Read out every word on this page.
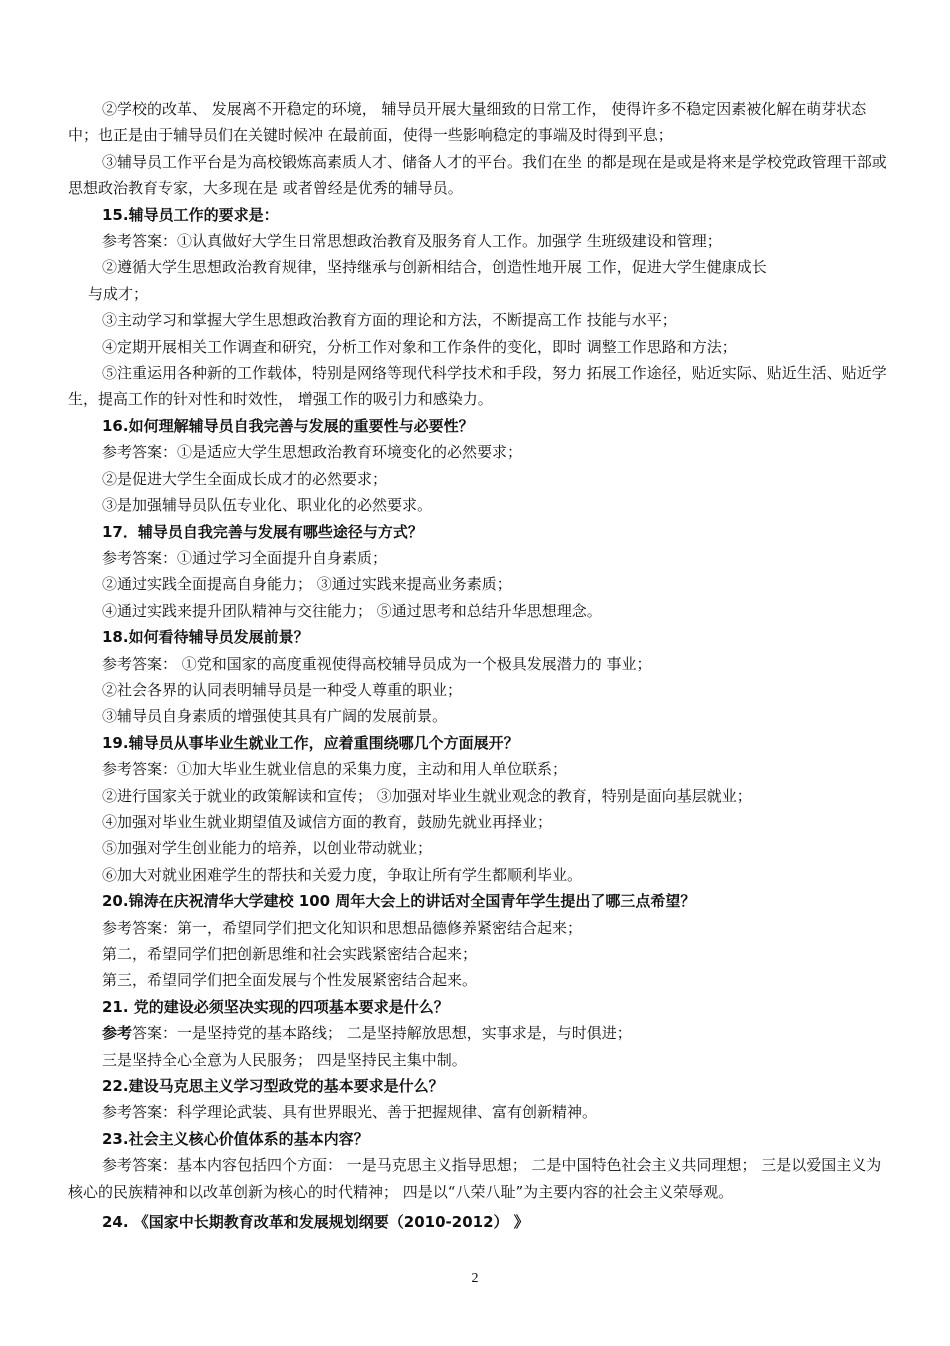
②学校的改革、 发展离不开稳定的环境， 辅导员开展大量细致的日常工作， 使得许多不稳定因素被化解在萌芽状态中；也正是由于辅导员们在关键时候冲 在最前面，使得一些影响稳定的事端及时得到平息；

③辅导员工作平台是为高校锻炼高素质人才、储备人才的平台。我们在坐 的都是现在是或是将来是学校党政管理干部或思想政治教育专家，大多现在是 或者曾经是优秀的辅导员。

15.辅导员工作的要求是：

参考答案：①认真做好大学生日常思想政治教育及服务育人工作。加强学 生班级建设和管理；

②遵循大学生思想政治教育规律，坚持继承与创新相结合，创造性地开展 工作，促进大学生健康成长

与成才；

③主动学习和掌握大学生思想政治教育方面的理论和方法，不断提高工作 技能与水平；

④定期开展相关工作调查和研究，分析工作对象和工作条件的变化，即时 调整工作思路和方法；

⑤注重运用各种新的工作载体，特别是网络等现代科学技术和手段，努力 拓展工作途径，贴近实际、贴近生活、贴近学生，提高工作的针对性和时效性， 增强工作的吸引力和感染力。

16.如何理解辅导员自我完善与发展的重要性与必要性？

参考答案：①是适应大学生思想政治教育环境变化的必然要求；

②是促进大学生全面成长成才的必然要求；

③是加强辅导员队伍专业化、职业化的必然要求。

17．辅导员自我完善与发展有哪些途径与方式？

参考答案：①通过学习全面提升自身素质；

②通过实践全面提高自身能力； ③通过实践来提高业务素质；

④通过实践来提升团队精神与交往能力； ⑤通过思考和总结升华思想理念。

18.如何看待辅导员发展前景？

参考答案： ①党和国家的高度重视使得高校辅导员成为一个极具发展潜力的 事业；

②社会各界的认同表明辅导员是一种受人尊重的职业；

③辅导员自身素质的增强使其具有广阔的发展前景。

19.辅导员从事毕业生就业工作，应着重围绕哪几个方面展开？

参考答案：①加大毕业生就业信息的采集力度，主动和用人单位联系；

②进行国家关于就业的政策解读和宣传； ③加强对毕业生就业观念的教育，特别是面向基层就业；

④加强对毕业生就业期望值及诚信方面的教育，鼓励先就业再择业；

⑤加强对学生创业能力的培养，以创业带动就业；

⑥加大对就业困难学生的帮扶和关爱力度，争取让所有学生都顺利毕业。

20.锦涛在庆祝清华大学建校 100 周年大会上的讲话对全国青年学生提出了哪三点希望？

参考答案：第一，希望同学们把文化知识和思想品德修养紧密结合起来；

第二，希望同学们把创新思维和社会实践紧密结合起来；

第三，希望同学们把全面发展与个性发展紧密结合起来。

21. 党的建设必须坚决实现的四项基本要求是什么？

参考答案：一是坚持党的基本路线； 二是坚持解放思想，实事求是，与时俱进；

三是坚持全心全意为人民服务； 四是坚持民主集中制。

22.建设马克思主义学习型政党的基本要求是什么？

参考答案：科学理论武装、具有世界眼光、善于把握规律、富有创新精神。

23.社会主义核心价值体系的基本内容？

参考答案：基本内容包括四个方面： 一是马克思主义指导思想； 二是中国特色社会主义共同理想； 三是以爱国主义为核心的民族精神和以改革创新为核心的时代精神； 四是以“八荣八耻”为主要内容的社会主义荣辱观。

24. 《国家中长期教育改革和发展规划纲要（2010-2012） 》

2
